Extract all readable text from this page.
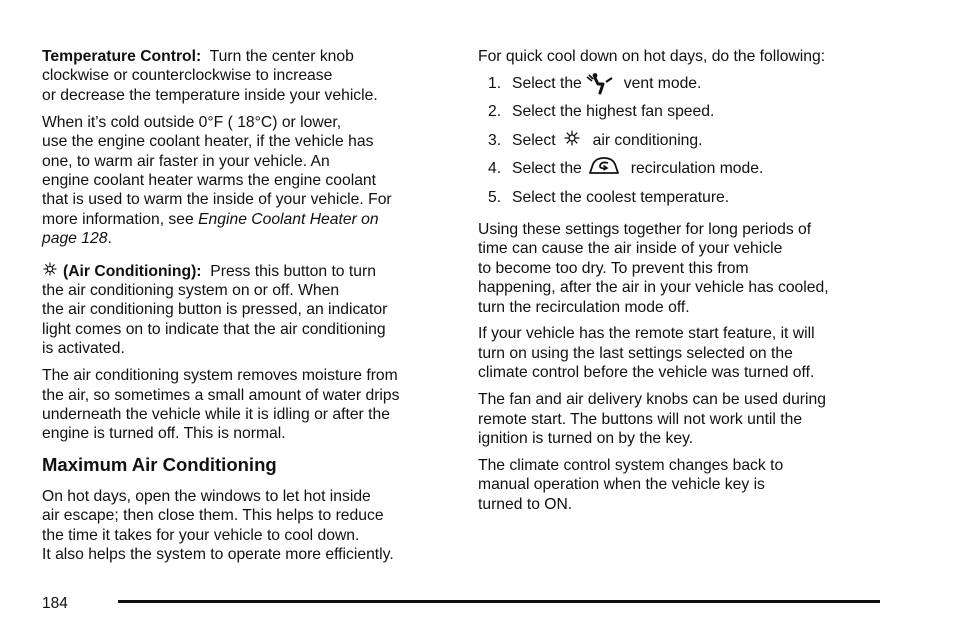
Temperature Control: Turn the center knob
clockwise or counterclockwise to increase
or decrease the temperature inside your vehicle.

When it’s cold outside 0°F ( 18°C) or lower,
use the engine coolant heater, if the vehicle has
one, to warm air faster in your vehicle. An
engine coolant heater warms the engine coolant
that is used to warm the inside of your vehicle. For
more information, see Engine Coolant Heater on
page 128.

(Air Conditioning): Press this button to turn
the air conditioning system on or off. When
the air conditioning button is pressed, an indicator
light comes on to indicate that the air conditioning
is activated.

The air conditioning system removes moisture from
the air, so sometimes a small amount of water drips
underneath the vehicle while it is idling or after the
engine is turned off. This is normal.

Maximum Air Conditioning

On hot days, open the windows to let hot inside
air escape; then close them. This helps to reduce
the time it takes for your vehicle to cool down.
It also helps the system to operate more efficiently.

For quick cool down on hot days, do the following:

1. Select the	vent mode.
2. Select the highest fan speed.
3. Select air conditioning.
4. Select the	recirculation mode.
5. Select the coolest temperature.

Using these settings together for long periods of
time can cause the air inside of your vehicle
to become too dry. To prevent this from
happening, after the air in your vehicle has cooled,
turn the recirculation mode off.

If your vehicle has the remote start feature, it will
turn on using the last settings selected on the
climate control before the vehicle was turned off.

The fan and air delivery knobs can be used during
remote start. The buttons will not work until the
ignition is turned on by the key.

The climate control system changes back to
manual operation when the vehicle key is
turned to ON.

184
